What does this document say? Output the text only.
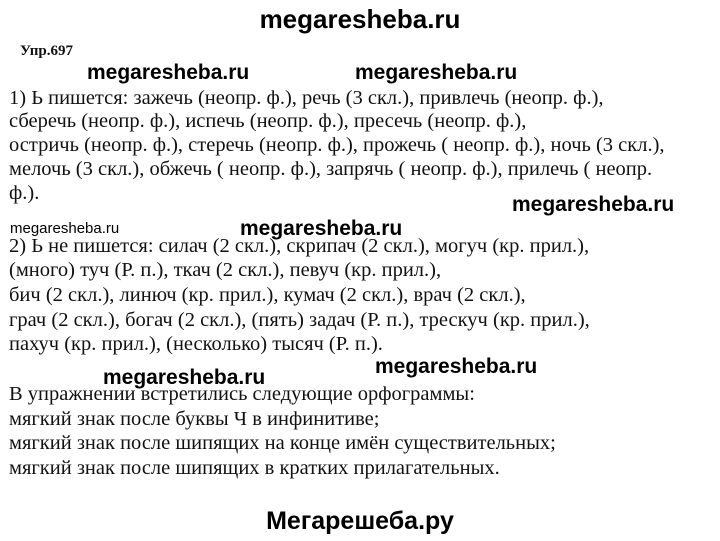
megaresheba.ru
Упр.697
megaresheba.ru	megaresheba.ru
1) Ь пишется: зажечь (неопр. ф.), речь (3 скл.), привлечь (неопр. ф.),
сберечь (неопр. ф.), испечь (неопр. ф.), пресечь (неопр. ф.),
остричь (неопр. ф.), стеречь (неопр. ф.), прожечь ( неопр. ф.), ночь (3 скл.),
мелочь (3 скл.), обжечь ( неопр. ф.), запрячь ( неопр. ф.), прилечь ( неопр.
ф.).	megaresheba.ru
megaresheba.ru	megaresheba.ru
2) Ь не пишется: силач (2 скл.), скрипач (2 скл.), могуч (кр. прил.),
(много) туч (Р. п.), ткач (2 скл.), певуч (кр. прил.),
бич (2 скл.), линюч (кр. прил.), кумач (2 скл.), врач (2 скл.),
грач (2 скл.), богач (2 скл.), (пять) задач (Р. п.), трескуч (кр. прил.),
пахуч (кр. прил.), (несколько) тысяч (Р. п.).
megaresheba.ru
megaresheba.ru
В упражнении встретились следующие орфограммы:
мягкий знак после буквы Ч в инфинитиве;
мягкий знак после шипящих на конце имён существительных;
мягкий знак после шипящих в кратких прилагательных.
Мегарешеба.ру
